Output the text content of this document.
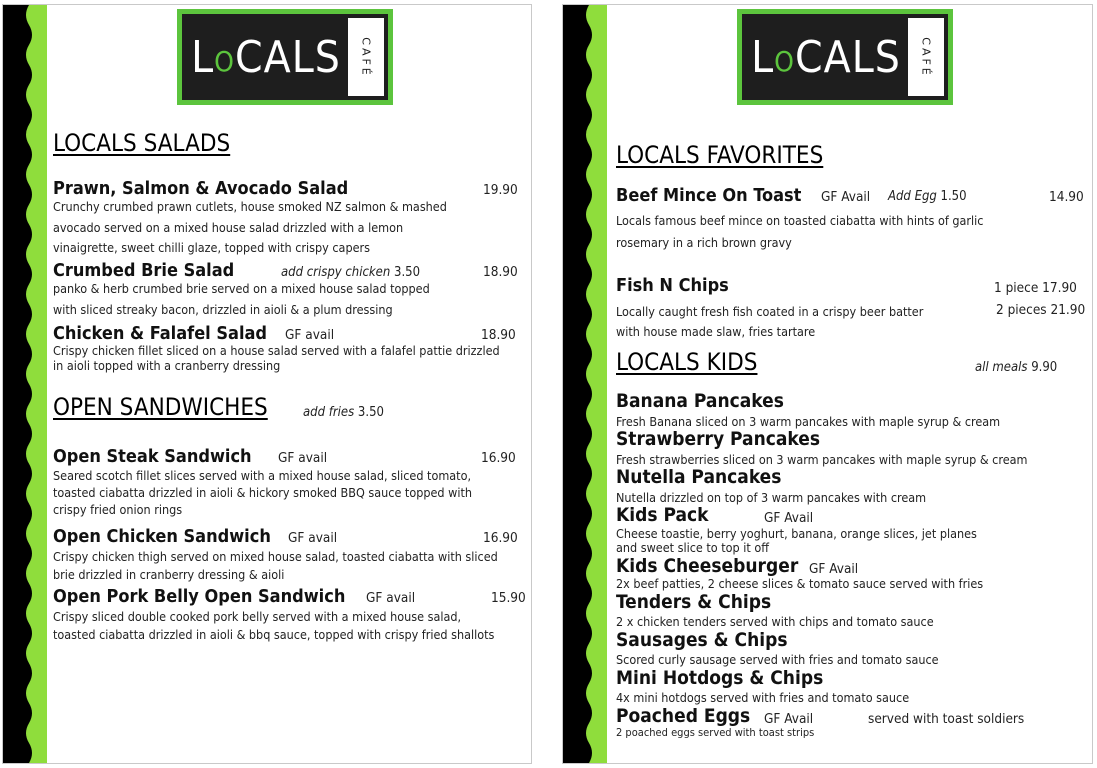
L O CALS CAFÉ
LOCALS SALADS
Prawn, Salmon & Avocado Salad	19.90
Crunchy crumbed prawn cutlets, house smoked NZ salmon & mashed
avocado served on a mixed house salad drizzled with a lemon
vinaigrette, sweet chilli glaze, topped with crispy capers
Crumbed Brie Salad	add crispy chicken 3.50	18.90
panko & herb crumbed brie served on a mixed house salad topped
with sliced streaky bacon, drizzled in aioli & a plum dressing
Chicken & Falafel Salad GF avail	18.90
Crispy chicken fillet sliced on a house salad served with a falafel pattie drizzled
in aioli topped with a cranberry dressing
OPEN SANDWICHES	add fries 3.50
Open Steak Sandwich GF avail	16.90
Seared scotch fillet slices served with a mixed house salad, sliced tomato,
toasted ciabatta drizzled in aioli & hickory smoked BBQ sauce topped with
crispy fried onion rings
Open Chicken Sandwich GF avail	16.90
Crispy chicken thigh served on mixed house salad, toasted ciabatta with sliced
brie drizzled in cranberry dressing & aioli
Open Pork Belly Open Sandwich GF avail	15.90
Crispy sliced double cooked pork belly served with a mixed house salad,
toasted ciabatta drizzled in aioli & bbq sauce, topped with crispy fried shallots
L O CALS CAFÉ
LOCALS FAVORITES
Beef Mince On Toast GF Avail Add Egg 1.50	14.90
Locals famous beef mince on toasted ciabatta with hints of garlic
rosemary in a rich brown gravy
Fish N Chips	1 piece 17.90
2 pieces 21.90
Locally caught fresh fish coated in a crispy beer batter
with house made slaw, fries tartare
LOCALS KIDS	all meals 9.90
Banana Pancakes
Fresh Banana sliced on 3 warm pancakes with maple syrup & cream
Strawberry Pancakes
Fresh strawberries sliced on 3 warm pancakes with maple syrup & cream
Nutella Pancakes
Nutella drizzled on top of 3 warm pancakes with cream
Kids Pack	GF Avail
Cheese toastie, berry yoghurt, banana, orange slices, jet planes
and sweet slice to top it off
Kids Cheeseburger GF Avail
2x beef patties, 2 cheese slices & tomato sauce served with fries
Tenders & Chips
2 x chicken tenders served with chips and tomato sauce
Sausages & Chips
Scored curly sausage served with fries and tomato sauce
Mini Hotdogs & Chips
4x mini hotdogs served with fries and tomato sauce
Poached Eggs GF Avail	served with toast soldiers
2 poached eggs served with toast strips
